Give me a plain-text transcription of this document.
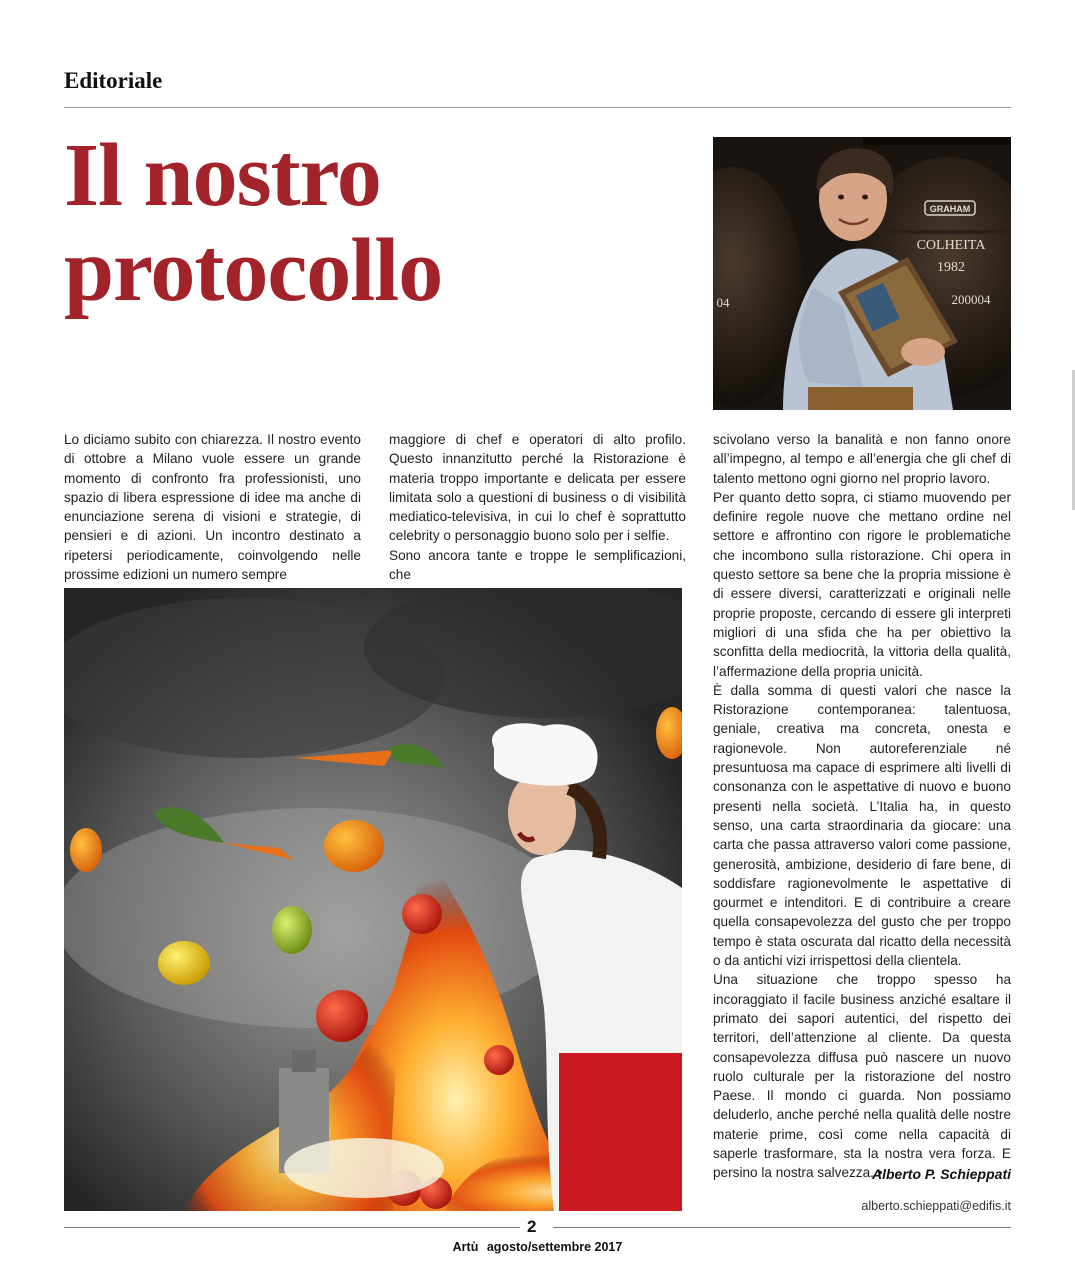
Editoriale
Il nostro
protocollo
GRAHAM
COLHEITA
1982
200004
04

Lo diciamo subito con chiarezza. Il nostro evento di ottobre a Milano vuole essere un grande momento di confronto fra professionisti, uno spazio di libera espressione di idee ma anche di enunciazione serena di visioni e strategie, di pensieri e di azioni. Un incontro destinato a ripetersi periodicamente, coinvolgendo nelle prossime edizioni un numero sempre

maggiore di chef e operatori di alto profilo. Questo innanzitutto perché la Ristorazione è materia troppo importante e delicata per essere limitata solo a questioni di business o di visibilità mediatico-televisiva, in cui lo chef è soprattutto celebrity o personaggio buono solo per i selfie.

Sono ancora tante e troppe le semplificazioni, che

scivolano verso la banalità e non fanno onore all’impegno, al tempo e all’energia che gli chef di talento mettono ogni giorno nel proprio lavoro.

Per quanto detto sopra, ci stiamo muovendo per definire regole nuove che mettano ordine nel settore e affrontino con rigore le problematiche che incombono sulla ristorazione. Chi opera in questo settore sa bene che la propria missione è di essere diversi, caratterizzati e originali nelle proprie proposte, cercando di essere gli interpreti migliori di una sfida che ha per obiettivo la sconfitta della mediocrità, la vittoria della qualità, l’affermazione della propria unicità.

È dalla somma di questi valori che nasce la Ristorazione contemporanea: talentuosa, geniale, creativa ma concreta, onesta e ragionevole. Non autoreferenziale né presuntuosa ma capace di esprimere alti livelli di consonanza con le aspettative di nuovo e buono presenti nella società. L’Italia ha, in questo senso, una carta straordinaria da giocare: una carta che passa attraverso valori come passione, generosità, ambizione, desiderio di fare bene, di soddisfare ragionevolmente le aspettative di gourmet e intenditori. E di contribuire a creare quella consapevolezza del gusto che per troppo tempo è stata oscurata dal ricatto della necessità o da antichi vizi irrispettosi della clientela.

Una situazione che troppo spesso ha incoraggiato il facile business anziché esaltare il primato dei sapori autentici, del rispetto dei territori, dell’attenzione al cliente. Da questa consapevolezza diffusa può nascere un nuovo ruolo culturale per la ristorazione del nostro Paese. Il mondo ci guarda. Non possiamo deluderlo, anche perché nella qualità delle nostre materie prime, così come nella capacità di saperle trasformare, sta la nostra vera forza. E persino la nostra salvezza. •

Alberto P. Schieppati
alberto.schieppati@edifis.it
2
Artù agosto/settembre 2017
